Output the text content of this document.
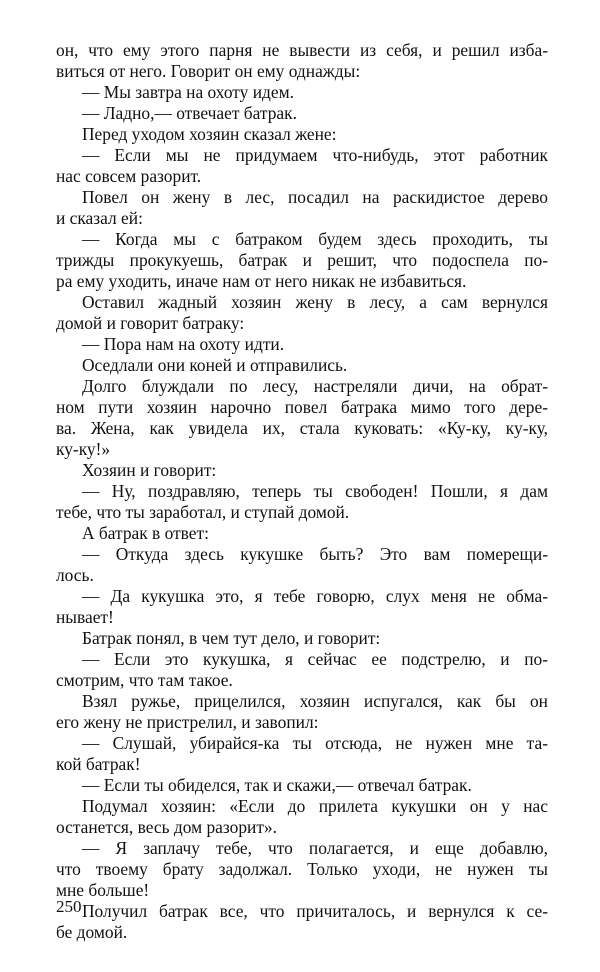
он, что ему этого парня не вывести из себя, и решил изба-
виться от него. Говорит он ему однажды:
— Мы завтра на охоту идем.
— Ладно,— отвечает батрак.
Перед уходом хозяин сказал жене:
— Если мы не придумаем что-нибудь, этот работник
нас совсем разорит.
Повел он жену в лес, посадил на раскидистое дерево
и сказал ей:
— Когда мы с батраком будем здесь проходить, ты
трижды прокукуешь, батрак и решит, что подоспела по-
ра ему уходить, иначе нам от него никак не избавиться.
Оставил жадный хозяин жену в лесу, а сам вернулся
домой и говорит батраку:
— Пора нам на охоту идти.
Оседлали они коней и отправились.
Долго блуждали по лесу, настреляли дичи, на обрат-
ном пути хозяин нарочно повел батрака мимо того дере-
ва. Жена, как увидела их, стала куковать: «Ку-ку, ку-ку,
ку-ку!»
Хозяин и говорит:
— Ну, поздравляю, теперь ты свободен! Пошли, я дам
тебе, что ты заработал, и ступай домой.
А батрак в ответ:
— Откуда здесь кукушке быть? Это вам померещи-
лось.
— Да кукушка это, я тебе говорю, слух меня не обма-
нывает!
Батрак понял, в чем тут дело, и говорит:
— Если это кукушка, я сейчас ее подстрелю, и по-
смотрим, что там такое.
Взял ружье, прицелился, хозяин испугался, как бы он
его жену не пристрелил, и завопил:
— Слушай, убирайся-ка ты отсюда, не нужен мне та-
кой батрак!
— Если ты обиделся, так и скажи,— отвечал батрак.
Подумал хозяин: «Если до прилета кукушки он у нас
останется, весь дом разорит».
— Я заплачу тебе, что полагается, и еще добавлю,
что твоему брату задолжал. Только уходи, не нужен ты
мне больше!
Получил батрак все, что причиталось, и вернулся к се-
бе домой.
250
